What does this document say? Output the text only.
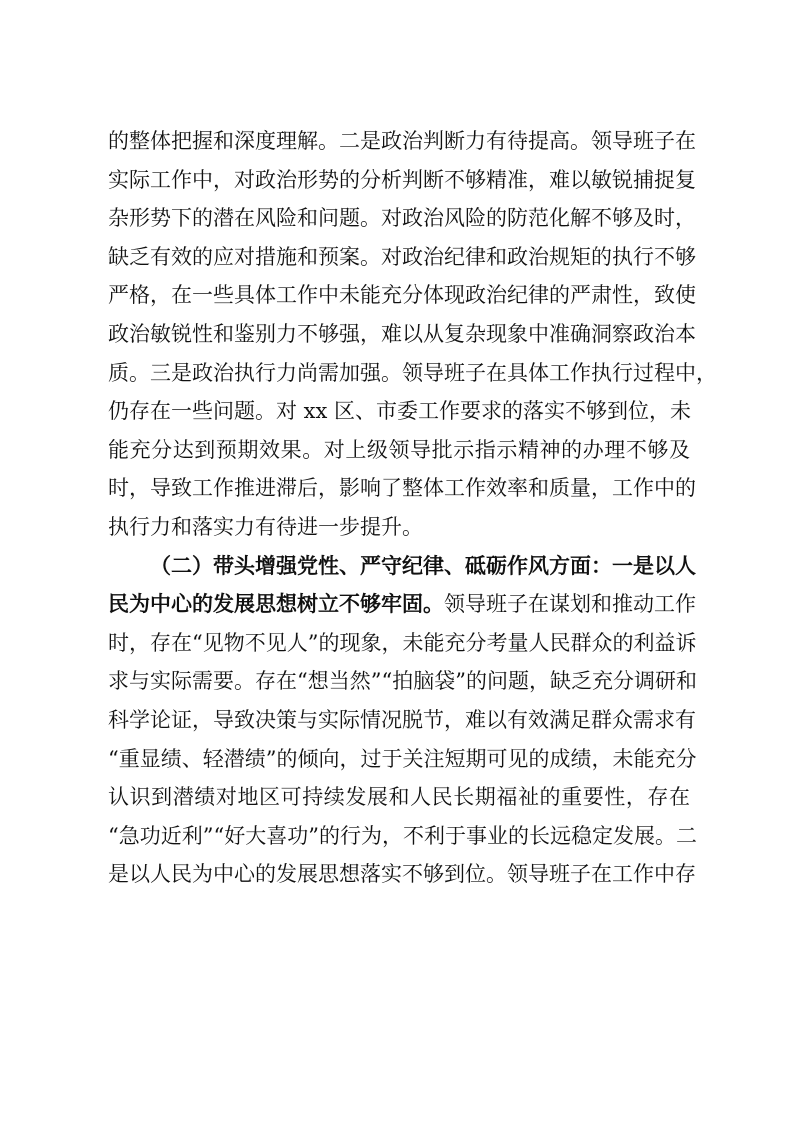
的整体把握和深度理解。二是政治判断力有待提高。领导班子在
实际工作中，对政治形势的分析判断不够精准，难以敏锐捕捉复
杂形势下的潜在风险和问题。对政治风险的防范化解不够及时，
缺乏有效的应对措施和预案。对政治纪律和政治规矩的执行不够
严格，在一些具体工作中未能充分体现政治纪律的严肃性，致使
政治敏锐性和鉴别力不够强，难以从复杂现象中准确洞察政治本
质。三是政治执行力尚需加强。领导班子在具体工作执行过程中，
仍存在一些问题。对 xx 区、市委工作要求的落实不够到位，未
能充分达到预期效果。对上级领导批示指示精神的办理不够及
时，导致工作推进滞后，影响了整体工作效率和质量，工作中的
执行力和落实力有待进一步提升。
（二）带头增强党性、严守纪律、砥砺作风方面：一是以人
民为中心的发展思想树立不够牢固。领导班子在谋划和推动工作
时，存在“见物不见人”的现象，未能充分考量人民群众的利益诉
求与实际需要。存在“想当然”“拍脑袋”的问题，缺乏充分调研和
科学论证，导致决策与实际情况脱节，难以有效满足群众需求有
“重显绩、轻潜绩”的倾向，过于关注短期可见的成绩，未能充分
认识到潜绩对地区可持续发展和人民长期福祉的重要性，存在
“急功近利”“好大喜功”的行为，不利于事业的长远稳定发展。二
是以人民为中心的发展思想落实不够到位。领导班子在工作中存
